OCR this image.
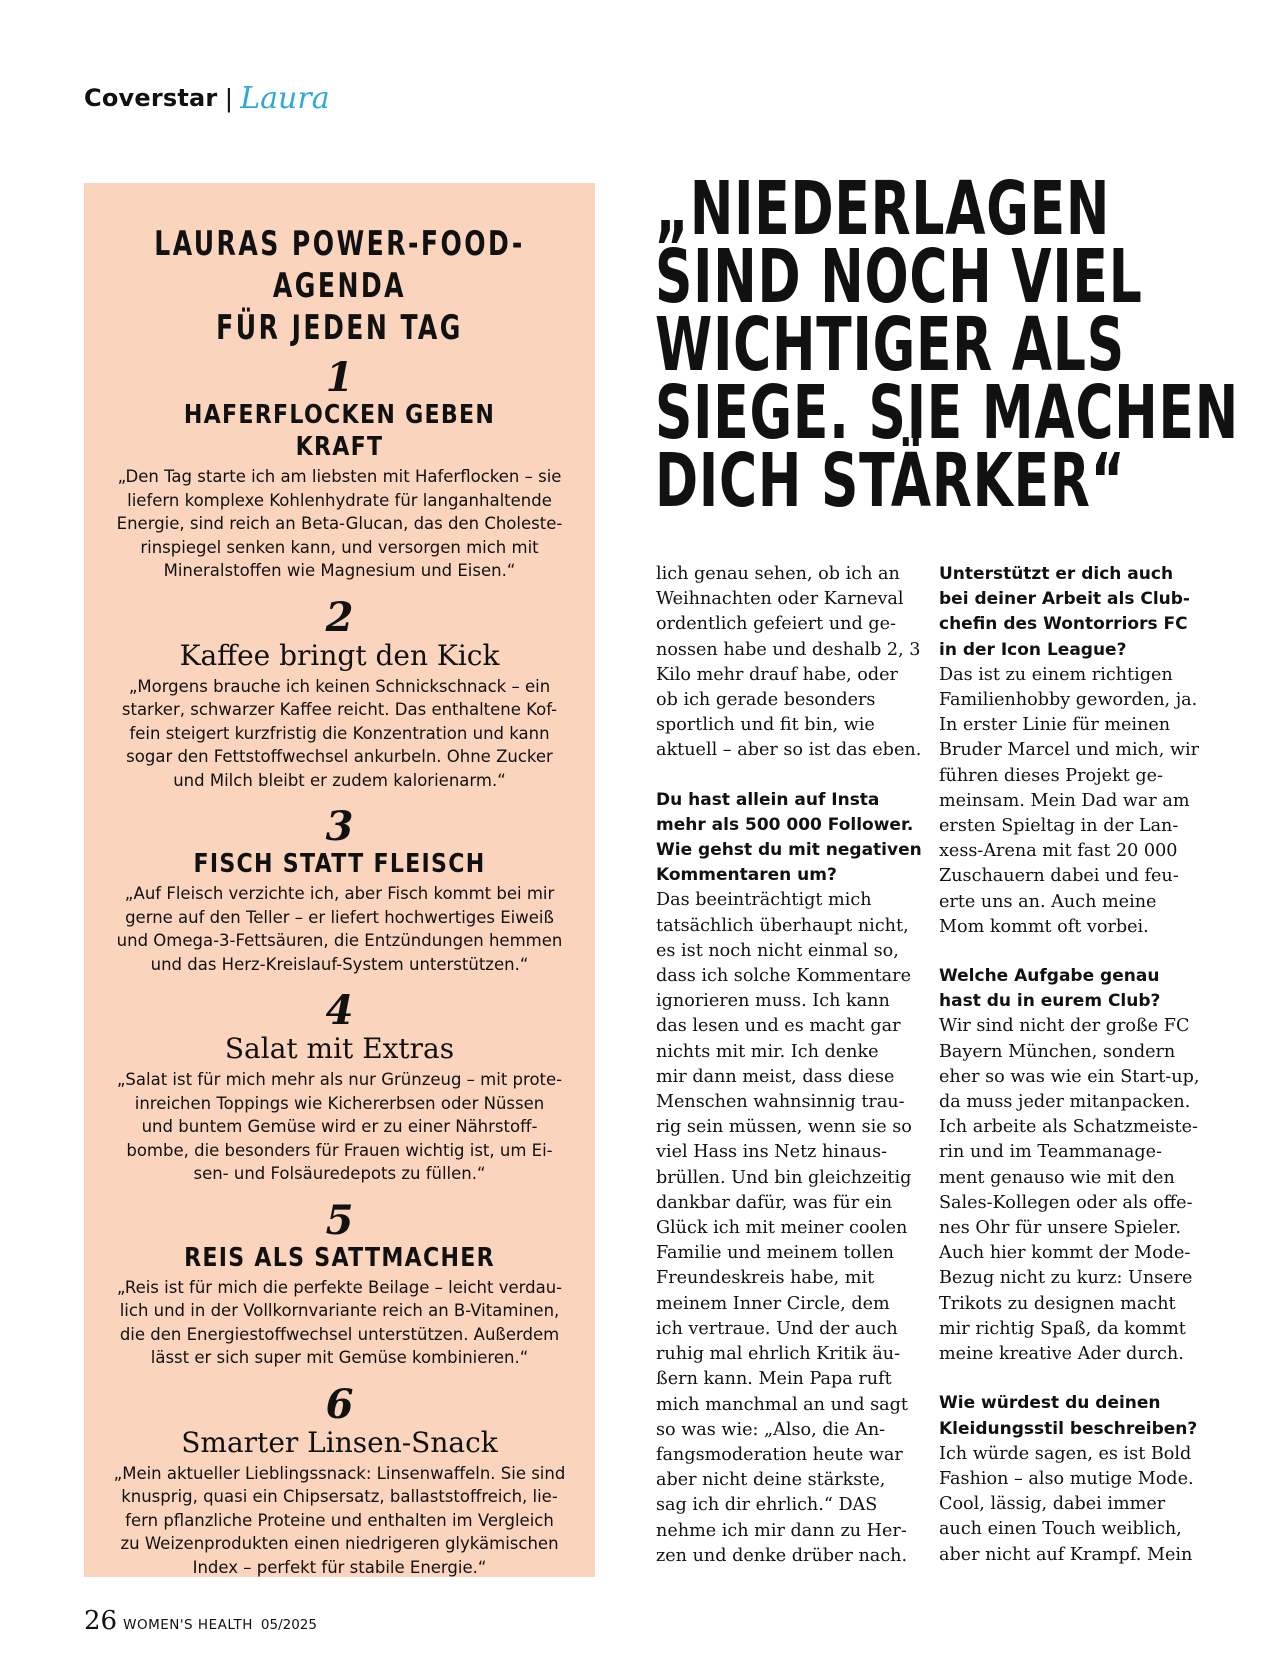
Coverstar | Laura
LAURAS POWER-FOOD-AGENDA
FÜR JEDEN TAG
1
HAFERFLOCKEN GEBEN KRAFT
„Den Tag starte ich am liebsten mit Haferflocken – sie
liefern komplexe Kohlenhydrate für langanhaltende
Energie, sind reich an Beta-Glucan, das den Choleste-
rinspiegel senken kann, und versorgen mich mit
Mineralstoffen wie Magnesium und Eisen.“
2
Kaffee bringt den Kick
„Morgens brauche ich keinen Schnickschnack – ein
starker, schwarzer Kaffee reicht. Das enthaltene Kof-
fein steigert kurzfristig die Konzentration und kann
sogar den Fettstoffwechsel ankurbeln. Ohne Zucker
und Milch bleibt er zudem kalorienarm.“
3
FISCH STATT FLEISCH
„Auf Fleisch verzichte ich, aber Fisch kommt bei mir
gerne auf den Teller – er liefert hochwertiges Eiweiß
und Omega-3-Fettsäuren, die Entzündungen hemmen
und das Herz-Kreislauf-System unterstützen.“
4
Salat mit Extras
„Salat ist für mich mehr als nur Grünzeug – mit prote-
inreichen Toppings wie Kichererbsen oder Nüssen
und buntem Gemüse wird er zu einer Nährstoff-
bombe, die besonders für Frauen wichtig ist, um Ei-
sen- und Folsäuredepots zu füllen.“
5
REIS ALS SATTMACHER
„Reis ist für mich die perfekte Beilage – leicht verdau-
lich und in der Vollkornvariante reich an B-Vitaminen,
die den Energiestoffwechsel unterstützen. Außerdem
lässt er sich super mit Gemüse kombinieren.“
6
Smarter Linsen-Snack
„Mein aktueller Lieblingssnack: Linsenwaffeln. Sie sind
knusprig, quasi ein Chipsersatz, ballaststoffreich, lie-
fern pflanzliche Proteine und enthalten im Vergleich
zu Weizenprodukten einen niedrigeren glykämischen
Index – perfekt für stabile Energie.“
„NIEDERLAGEN
SIND NOCH VIEL
WICHTIGER ALS
SIEGE. SIE MACHEN
DICH STÄRKER“

lich genau sehen, ob ich an
Weihnachten oder Karneval
ordentlich gefeiert und ge-
nossen habe und deshalb 2, 3
Kilo mehr drauf habe, oder
ob ich gerade besonders
sportlich und fit bin, wie
aktuell – aber so ist das eben.

Du hast allein auf Insta
mehr als 500 000 Follower.
Wie gehst du mit negativen
Kommentaren um?

Das beeinträchtigt mich
tatsächlich überhaupt nicht,
es ist noch nicht einmal so,
dass ich solche Kommentare
ignorieren muss. Ich kann
das lesen und es macht gar
nichts mit mir. Ich denke
mir dann meist, dass diese
Menschen wahnsinnig trau-
rig sein müssen, wenn sie so
viel Hass ins Netz hinaus-
brüllen. Und bin gleichzeitig
dankbar dafür, was für ein
Glück ich mit meiner coolen
Familie und meinem tollen
Freundeskreis habe, mit
meinem Inner Circle, dem
ich vertraue. Und der auch
ruhig mal ehrlich Kritik äu-
ßern kann. Mein Papa ruft
mich manchmal an und sagt
so was wie: „Also, die An-
fangsmoderation heute war
aber nicht deine stärkste,
sag ich dir ehrlich.“ DAS
nehme ich mir dann zu Her-
zen und denke drüber nach.

Unterstützt er dich auch
bei deiner Arbeit als Club-
chefin des Wontorriors FC
in der Icon League?

Das ist zu einem richtigen
Familienhobby geworden, ja.
In erster Linie für meinen
Bruder Marcel und mich, wir
führen dieses Projekt ge-
meinsam. Mein Dad war am
ersten Spieltag in der Lan-
xess-Arena mit fast 20 000
Zuschauern dabei und feu-
erte uns an. Auch meine
Mom kommt oft vorbei.

Welche Aufgabe genau
hast du in eurem Club?

Wir sind nicht der große FC
Bayern München, sondern
eher so was wie ein Start-up,
da muss jeder mitanpacken.
Ich arbeite als Schatzmeiste-
rin und im Teammanage-
ment genauso wie mit den
Sales-Kollegen oder als offe-
nes Ohr für unsere Spieler.
Auch hier kommt der Mode-
Bezug nicht zu kurz: Unsere
Trikots zu designen macht
mir richtig Spaß, da kommt
meine kreative Ader durch.

Wie würdest du deinen
Kleidungsstil beschreiben?

Ich würde sagen, es ist Bold
Fashion – also mutige Mode.
Cool, lässig, dabei immer
auch einen Touch weiblich,
aber nicht auf Krampf. Mein

26 WOMEN'S HEALTH 05/2025
